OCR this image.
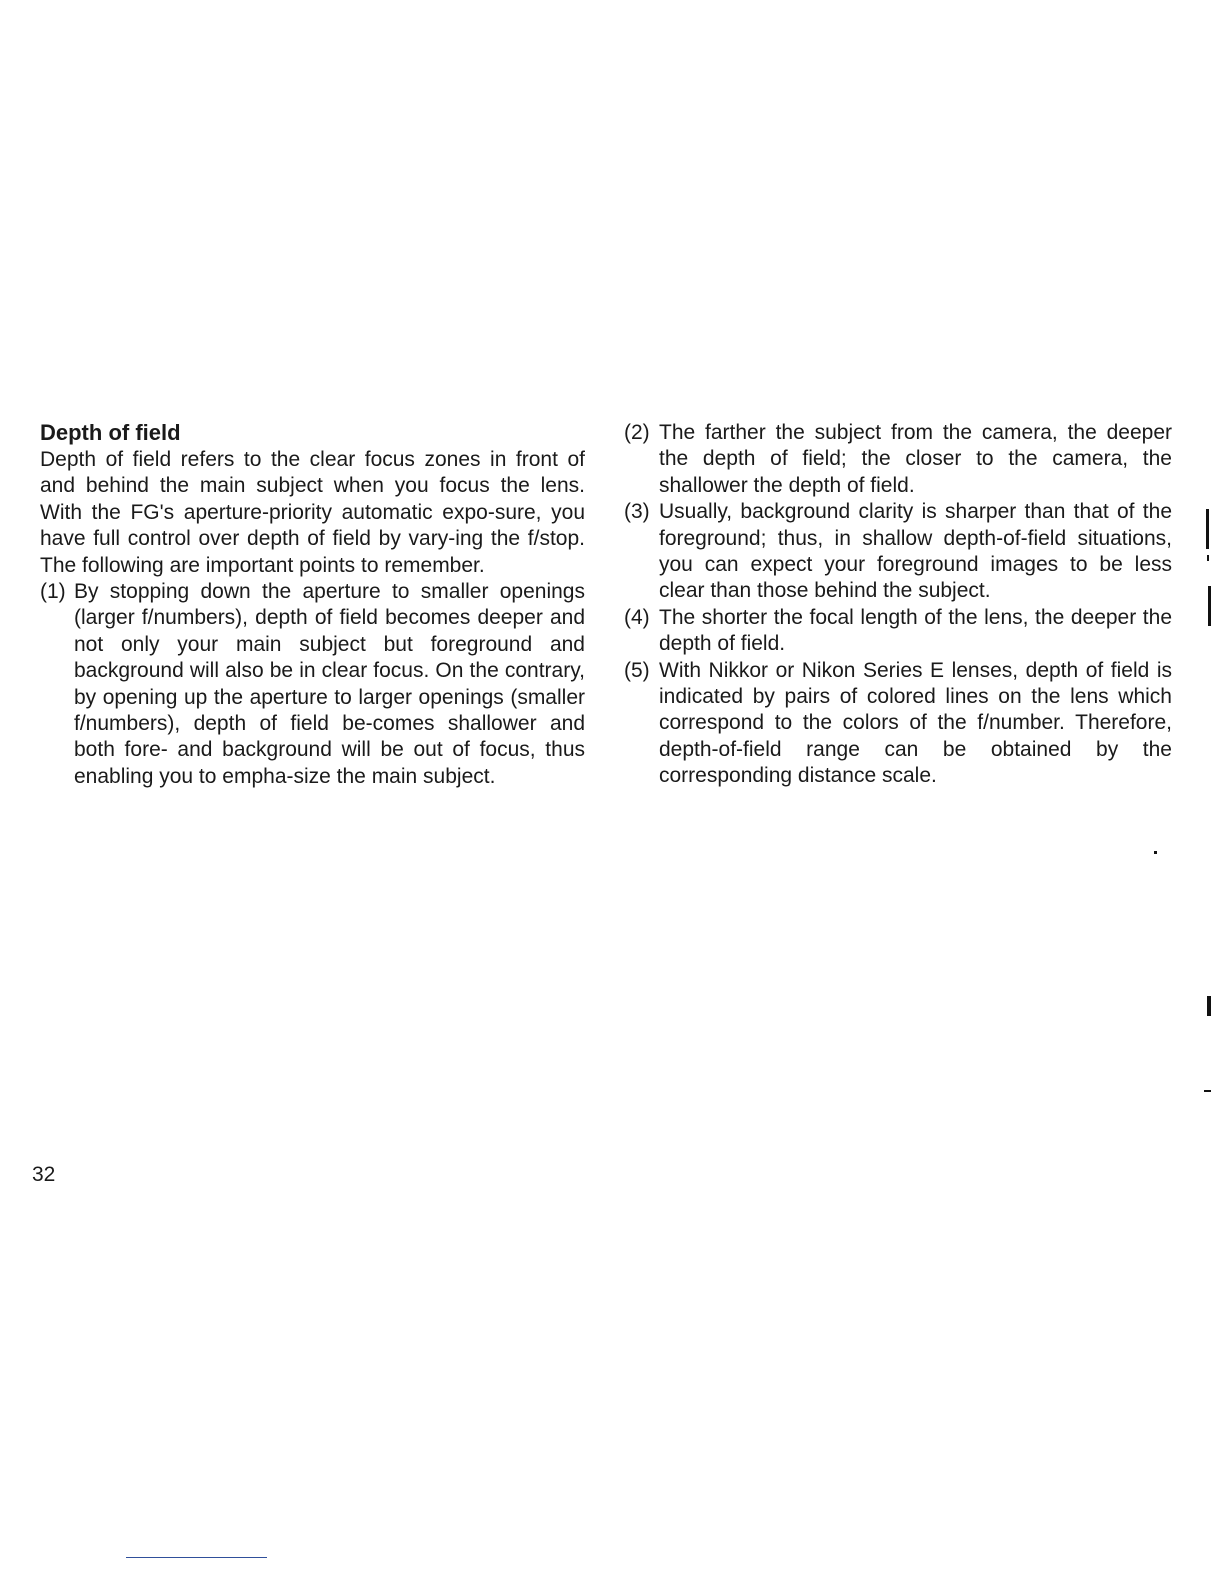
Depth of field

Depth of field refers to the clear focus zones in front of and behind the main subject when you focus the lens. With the FG's aperture-priority automatic expo-sure, you have full control over depth of field by vary-ing the f/stop. The following are important points to remember.

(1) By stopping down the aperture to smaller openings (larger f/numbers), depth of field becomes deeper and not only your main subject but foreground and background will also be in clear focus. On the contrary, by opening up the aperture to larger openings (smaller f/numbers), depth of field be-comes shallower and both fore- and background will be out of focus, thus enabling you to empha-size the main subject.
(2) The farther the subject from the camera, the deeper the depth of field; the closer to the camera, the shallower the depth of field.
(3) Usually, background clarity is sharper than that of the foreground; thus, in shallow depth-of-field situations, you can expect your foreground images to be less clear than those behind the subject.
(4) The shorter the focal length of the lens, the deeper the depth of field.
(5) With Nikkor or Nikon Series E lenses, depth of field is indicated by pairs of colored lines on the lens which correspond to the colors of the f/number. Therefore, depth-of-field range can be obtained by the corresponding distance scale.

32
